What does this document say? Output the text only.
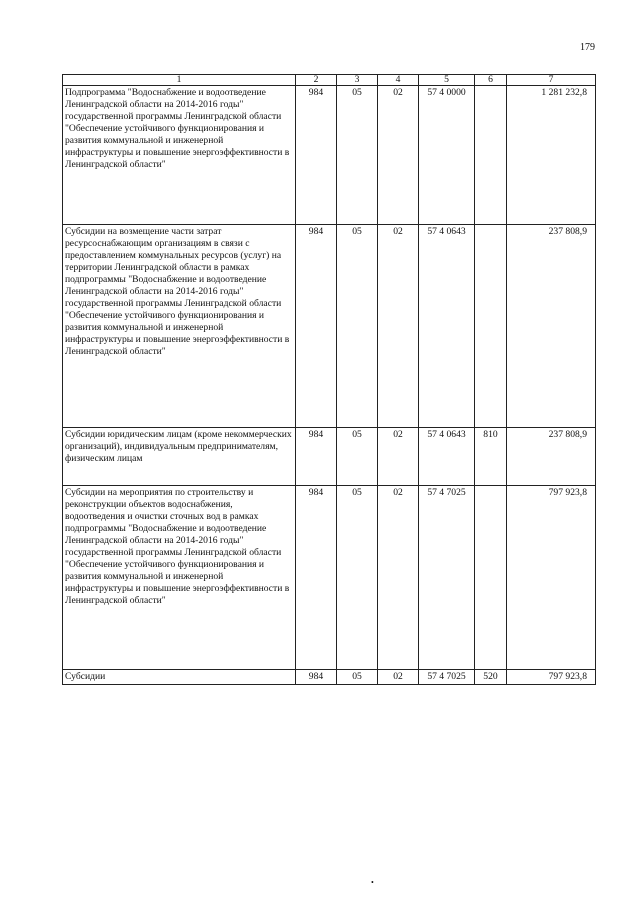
179
1	2	3	4	5	6	7
Подпрограмма "Водоснабжение и водоотведение Ленинградской области на 2014-2016 годы" государственной программы Ленинградской области "Обеспечение устойчивого функционирования и развития коммунальной и инженерной инфраструктуры и повышение энергоэффективности в Ленинградской области"	984	05	02	57 4 0000		1 281 232,8
Субсидии на возмещение части затрат ресурсоснабжающим организациям в связи с предоставлением коммунальных ресурсов (услуг) на территории Ленинградской области в рамках подпрограммы "Водоснабжение и водоотведение Ленинградской области на 2014-2016 годы" государственной программы Ленинградской области "Обеспечение устойчивого функционирования и развития коммунальной и инженерной инфраструктуры и повышение энергоэффективности в Ленинградской области"	984	05	02	57 4 0643		237 808,9
Субсидии юридическим лицам (кроме некоммерческих организаций), индивидуальным предпринимателям, физическим лицам	984	05	02	57 4 0643	810	237 808,9
Субсидии на мероприятия по строительству и реконструкции объектов водоснабжения, водоотведения и очистки сточных вод в рамках подпрограммы "Водоснабжение и водоотведение Ленинградской области на 2014-2016 годы" государственной программы Ленинградской области "Обеспечение устойчивого функционирования и развития коммунальной и инженерной инфраструктуры и повышение энергоэффективности в Ленинградской области"	984	05	02	57 4 7025		797 923,8
Субсидии	984	05	02	57 4 7025	520	797 923,8
•
